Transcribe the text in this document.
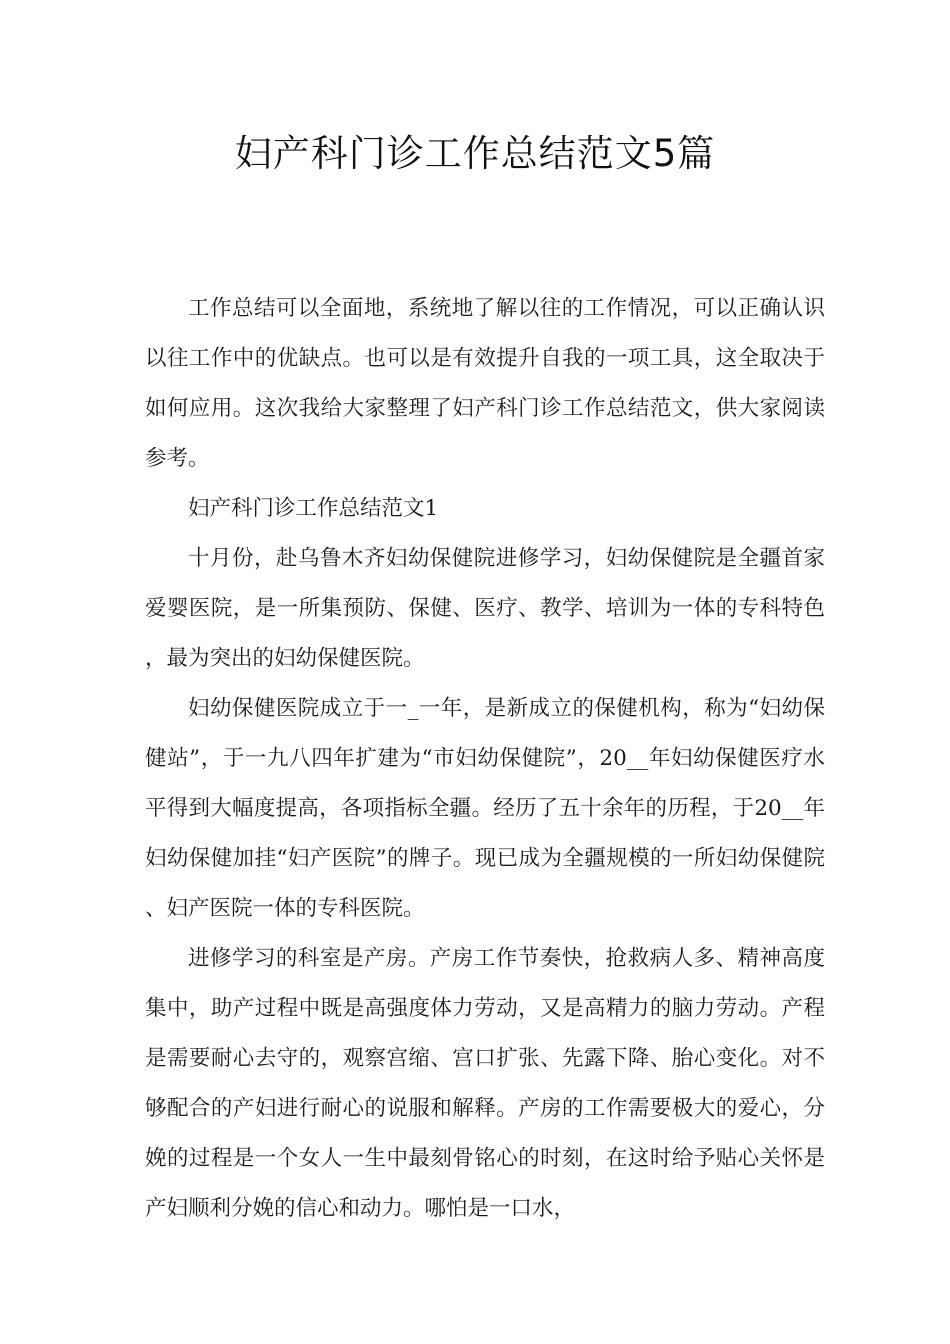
妇产科门诊工作总结范文5篇

工作总结可以全面地，系统地了解以往的工作情况，可以正确认识以往工作中的优缺点。也可以是有效提升自我的一项工具，这全取决于如何应用。这次我给大家整理了妇产科门诊工作总结范文，供大家阅读参考。

妇产科门诊工作总结范文1

十月份，赴乌鲁木齐妇幼保健院进修学习，妇幼保健院是全疆首家爱婴医院，是一所集预防、保健、医疗、教学、培训为一体的专科特色，最为突出的妇幼保健医院。

妇幼保健医院成立于一_一年，是新成立的保健机构，称为“妇幼保健站”，于一九八四年扩建为“市妇幼保健院”，20__年妇幼保健医疗水平得到大幅度提高，各项指标全疆。经历了五十余年的历程，于20__年妇幼保健加挂“妇产医院”的牌子。现已成为全疆规模的一所妇幼保健院、妇产医院一体的专科医院。

进修学习的科室是产房。产房工作节奏快，抢救病人多、精神高度集中，助产过程中既是高强度体力劳动，又是高精力的脑力劳动。产程是需要耐心去守的，观察宫缩、宫口扩张、先露下降、胎心变化。对不够配合的产妇进行耐心的说服和解释。产房的工作需要极大的爱心，分娩的过程是一个女人一生中最刻骨铭心的时刻，在这时给予贴心关怀是产妇顺利分娩的信心和动力。哪怕是一口水，
